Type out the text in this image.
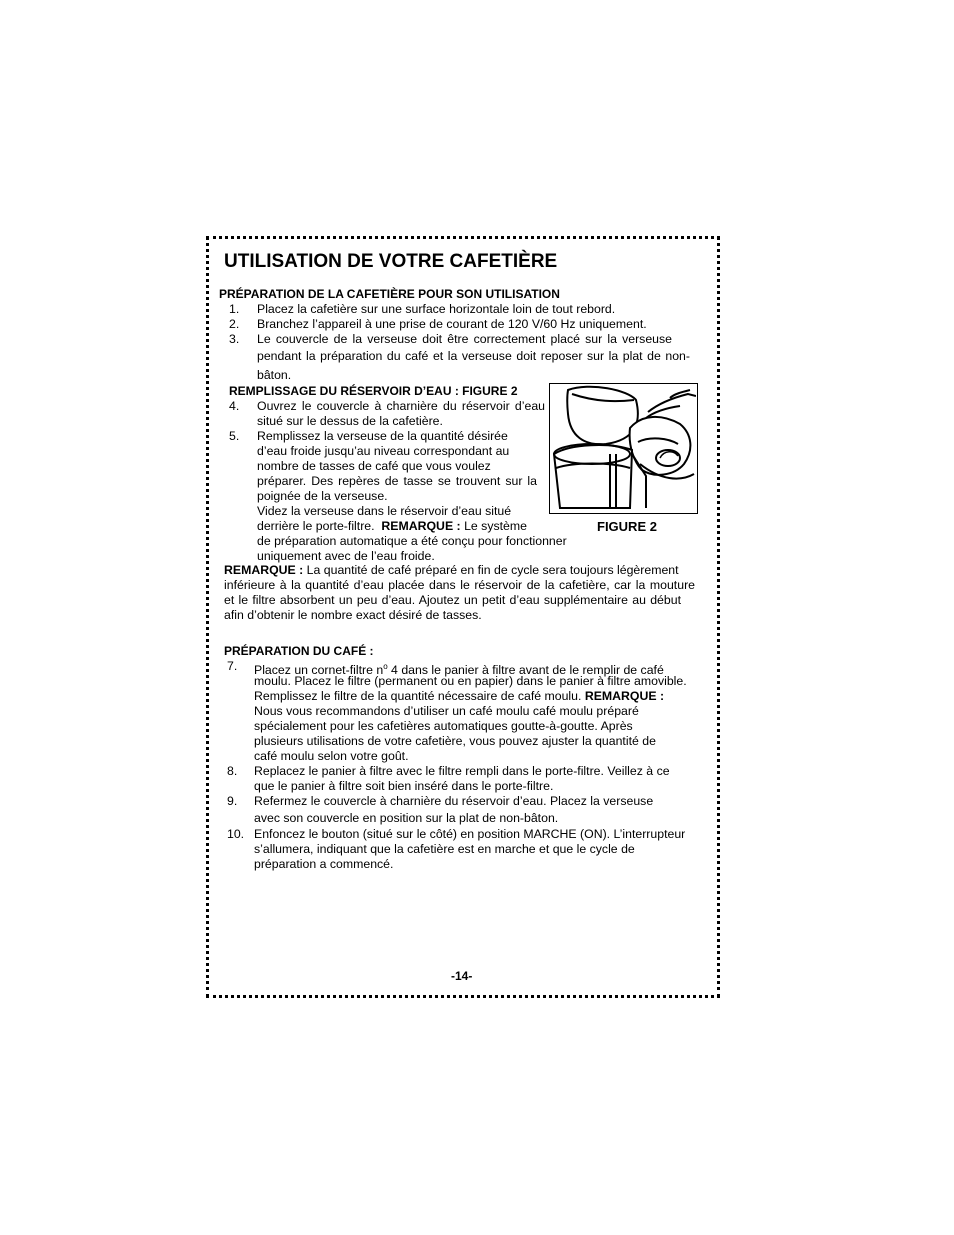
UTILISATION DE VOTRE CAFETIÈRE
PRÉPARATION DE LA CAFETIÈRE POUR SON UTILISATION
1. Placez la cafetière sur une surface horizontale loin de tout rebord.
2. Branchez l’appareil à une prise de courant de 120 V/60 Hz uniquement.
3. Le couvercle de la verseuse doit être correctement placé sur la verseuse
pendant la préparation du café et la verseuse doit reposer sur la plat de non-
bâton.
REMPLISSAGE DU RÉSERVOIR D’EAU : FIGURE 2
4. Ouvrez le couvercle à charnière du réservoir d’eau
situé sur le dessus de la cafetière.
5. Remplissez la verseuse de la quantité désirée
d’eau froide jusqu’au niveau correspondant au
nombre de tasses de café que vous voulez
préparer. Des repères de tasse se trouvent sur la
poignée de la verseuse.
Videz la verseuse dans le réservoir d’eau situé
derrière le porte-filtre. REMARQUE : Le système
de préparation automatique a été conçu pour fonctionner
uniquement avec de l’eau froide.
FIGURE 2
REMARQUE : La quantité de café préparé en fin de cycle sera toujours légèrement
inférieure à la quantité d’eau placée dans le réservoir de la cafetière, car la mouture
et le filtre absorbent un peu d’eau. Ajoutez un petit d’eau supplémentaire au début
afin d’obtenir le nombre exact désiré de tasses.
PRÉPARATION DU CAFÉ :
7. Placez un cornet-filtre $n^o$ 4 dans le panier à filtre avant de le remplir de café
moulu. Placez le filtre (permanent ou en papier) dans le panier à filtre amovible.
Remplissez le filtre de la quantité nécessaire de café moulu. REMARQUE :
Nous vous recommandons d’utiliser un café moulu café moulu préparé
spécialement pour les cafetières automatiques goutte-à-goutte. Après
plusieurs utilisations de votre cafetière, vous pouvez ajuster la quantité de
café moulu selon votre goût.
8. Replacez le panier à filtre avec le filtre rempli dans le porte-filtre. Veillez à ce
que le panier à filtre soit bien inséré dans le porte-filtre.
9. Refermez le couvercle à charnière du réservoir d’eau. Placez la verseuse
avec son couvercle en position sur la plat de non-bâton.
10. Enfoncez le bouton (situé sur le côté) en position MARCHE (ON). L’interrupteur
s’allumera, indiquant que la cafetière est en marche et que le cycle de
préparation a commencé.
-14-
